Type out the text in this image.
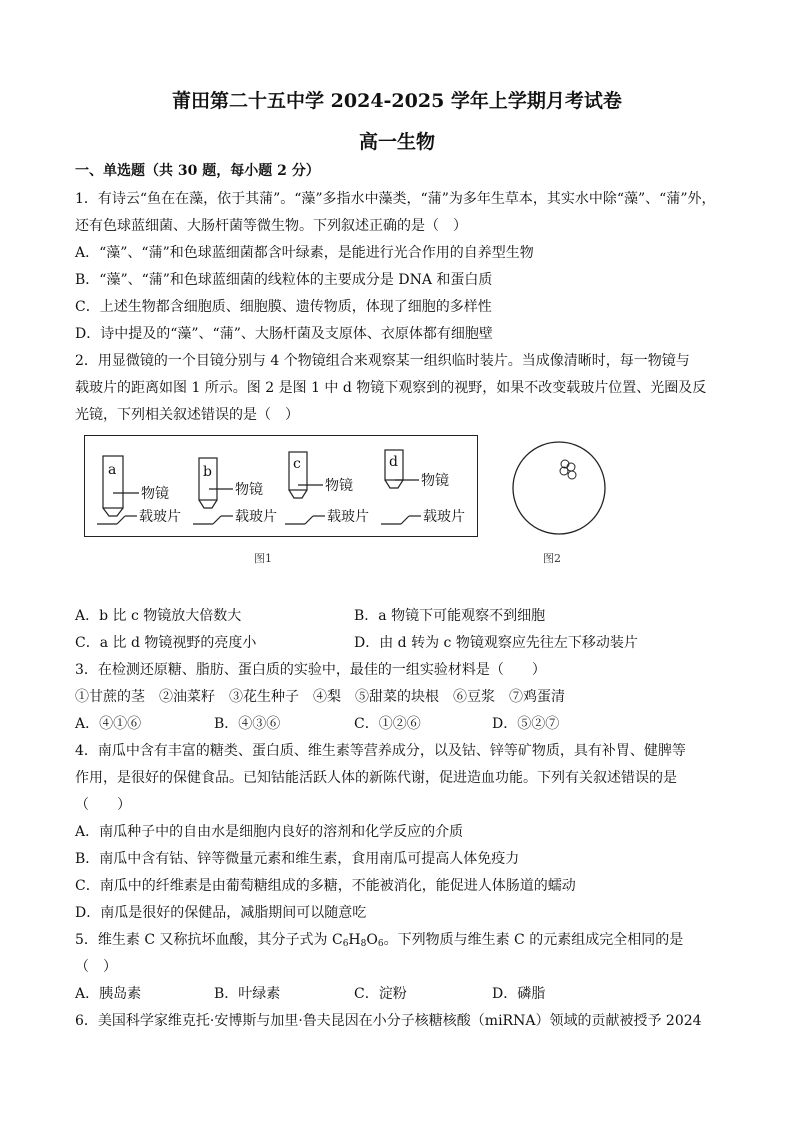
莆田第二十五中学 2024-2025 学年上学期月考试卷
高一生物
一、单选题（共 30 题，每小题 2 分）
1．有诗云“鱼在在藻，依于其蒲”。“藻”多指水中藻类，“蒲”为多年生草本，其实水中除“藻”、“蒲”外，
还有色球蓝细菌、大肠杆菌等微生物。下列叙述正确的是（　）
A．“藻”、“蒲”和色球蓝细菌都含叶绿素，是能进行光合作用的自养型生物
B．“藻”、“蒲”和色球蓝细菌的线粒体的主要成分是 DNA 和蛋白质
C．上述生物都含细胞质、细胞膜、遗传物质，体现了细胞的多样性
D．诗中提及的“藻”、“蒲”、大肠杆菌及支原体、衣原体都有细胞壁
2．用显微镜的一个目镜分别与 4 个物镜组合来观察某一组织临时装片。当成像清晰时，每一物镜与
载玻片的距离如图 1 所示。图 2 是图 1 中 d 物镜下观察到的视野，如果不改变载玻片位置、光圈及反
光镜，下列相关叙述错误的是（　）
a	b	c	d
物镜	物镜	物镜	物镜
载玻片	载玻片	载玻片	载玻片
图1	图2
A．b 比 c 物镜放大倍数大	B．a 物镜下可能观察不到细胞
C．a 比 d 物镜视野的亮度小	D．由 d 转为 c 物镜观察应先往左下移动装片
3．在检测还原糖、脂肪、蛋白质的实验中，最佳的一组实验材料是（　　）
①甘蔗的茎　②油菜籽　③花生种子　④梨　⑤甜菜的块根　⑥豆浆　⑦鸡蛋清
A．④①⑥	B．④③⑥	C．①②⑥	D．⑤②⑦
4．南瓜中含有丰富的糖类、蛋白质、维生素等营养成分，以及钴、锌等矿物质，具有补胃、健脾等
作用，是很好的保健食品。已知钴能活跃人体的新陈代谢，促进造血功能。下列有关叙述错误的是
（　　）
A．南瓜种子中的自由水是细胞内良好的溶剂和化学反应的介质
B．南瓜中含有钴、锌等微量元素和维生素，食用南瓜可提高人体免疫力
C．南瓜中的纤维素是由葡萄糖组成的多糖，不能被消化，能促进人体肠道的蠕动
D．南瓜是很好的保健品，减脂期间可以随意吃
5．维生素 C 又称抗坏血酸，其分子式为 $C_6H_8O_6$。下列物质与维生素 C 的元素组成完全相同的是
（　）
A．胰岛素	B．叶绿素	C．淀粉	D．磷脂
6．美国科学家维克托·安博斯与加里·鲁夫昆因在小分子核糖核酸（miRNA）领域的贡献被授予 2024
